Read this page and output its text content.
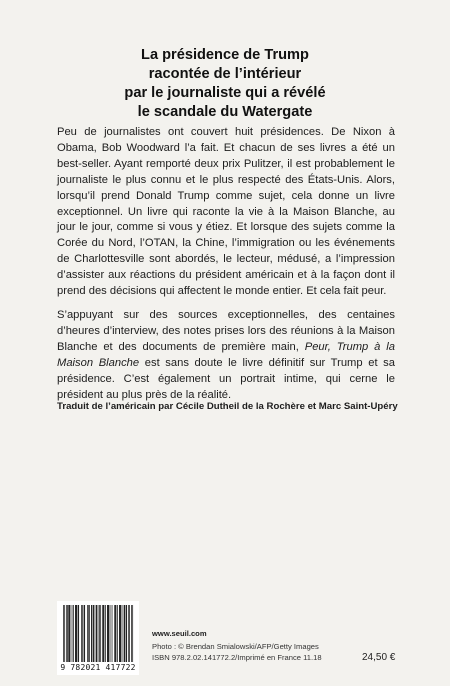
La présidence de Trump
racontée de l’intérieur
par le journaliste qui a révélé
le scandale du Watergate

Peu de journalistes ont couvert huit présidences. De Nixon à Obama, Bob Woodward l’a fait. Et chacun de ses livres a été un best-seller. Ayant remporté deux prix Pulitzer, il est probablement le journaliste le plus connu et le plus respecté des États-Unis. Alors, lorsqu’il prend Donald Trump comme sujet, cela donne un livre exceptionnel. Un livre qui raconte la vie à la Maison Blanche, au jour le jour, comme si vous y étiez. Et lorsque des sujets comme la Corée du Nord, l’OTAN, la Chine, l’immigration ou les événements de Charlottesville sont abordés, le lecteur, médusé, a l’impression d’assister aux réactions du président américain et à la façon dont il prend des décisions qui affectent le monde entier. Et cela fait peur.

S’appuyant sur des sources exceptionnelles, des centaines d’heures d’interview, des notes prises lors des réunions à la Maison Blanche et des documents de première main, Peur, Trump à la Maison Blanche est sans doute le livre définitif sur Trump et sa présidence. C’est également un portrait intime, qui cerne le président au plus près de la réalité.

Traduit de l’américain par Cécile Dutheil de la Rochère et Marc Saint-Upéry
9 782021 417722
www.seuil.com
Photo : © Brendan Smialowski/AFP/Getty Images
ISBN 978.2.02.141772.2/Imprimé en France 11.18	24,50 €
